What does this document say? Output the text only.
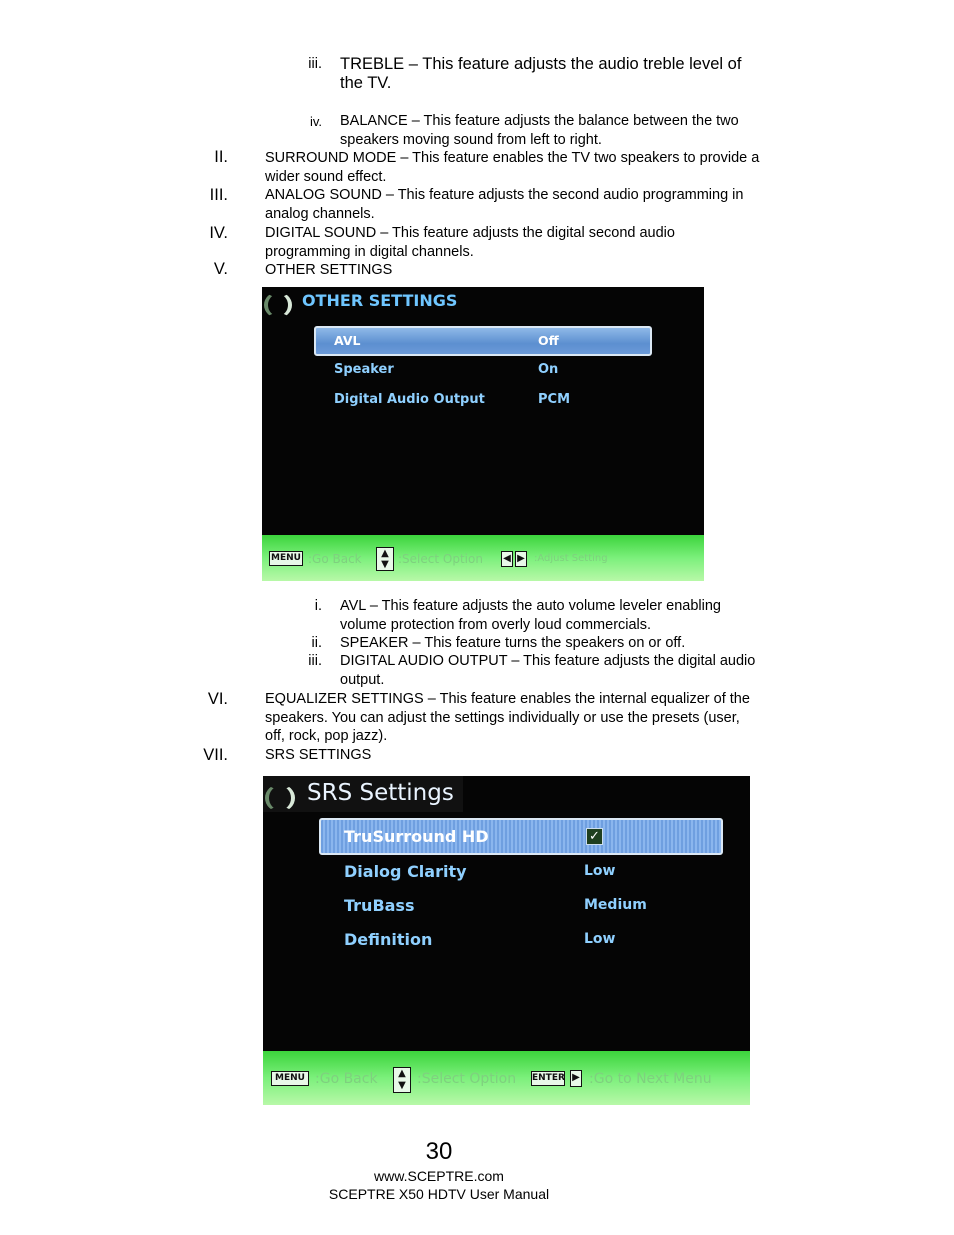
iii. TREBLE – This feature adjusts the audio treble level of the TV.
iv. BALANCE – This feature adjusts the balance between the two speakers moving sound from left to right.
II.	SURROUND MODE – This feature enables the TV two speakers to provide a wider sound effect.
III.	ANALOG SOUND – This feature adjusts the second audio programming in analog channels.
IV.	DIGITAL SOUND – This feature adjusts the digital second audio programming in digital channels.
V.	OTHER SETTINGS
OTHER SETTINGS
AVL	Off
Speaker	On
Digital Audio Output	PCM
MENU :Go Back	▲
▼ :Select Option ◀ ▶ :Adjust Setting
i. AVL – This feature adjusts the auto volume leveler enabling volume protection from overly loud commercials.
ii. SPEAKER – This feature turns the speakers on or off.
iii. DIGITAL AUDIO OUTPUT – This feature adjusts the digital audio output.
VI.	EQUALIZER SETTINGS – This feature enables the internal equalizer of the speakers. You can adjust the settings individually or use the presets (user, off, rock, pop jazz).
VII.	SRS SETTINGS
SRS Settings
TruSurround HD	✓
Dialog Clarity	Low
TruBass	Medium
Definition	Low
MENU :Go Back	▲
▼ :Select Option ENTER ▶ :Go to Next Menu
30
www.SCEPTRE.com
SCEPTRE X50 HDTV User Manual
